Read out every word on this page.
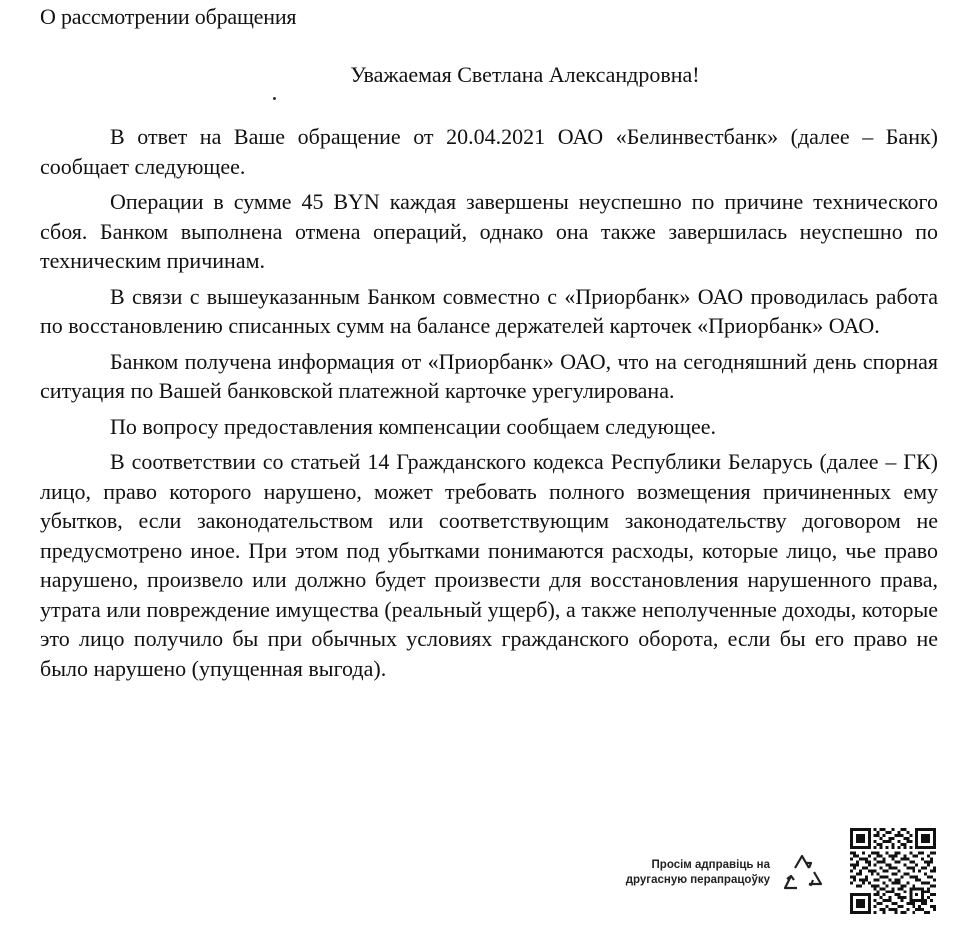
О рассмотрении обращения
Уважаемая Светлана Александровна!

В ответ на Ваше обращение от 20.04.2021 ОАО «Белинвестбанк» (далее – Банк) сообщает следующее.

Операции в сумме 45 BYN каждая завершены неуспешно по причине технического сбоя. Банком выполнена отмена операций, однако она также завершилась неуспешно по техническим причинам.

В связи с вышеуказанным Банком совместно с «Приорбанк» ОАО проводилась работа по восстановлению списанных сумм на балансе держателей карточек «Приорбанк» ОАО.

Банком получена информация от «Приорбанк» ОАО, что на сегодняшний день спорная ситуация по Вашей банковской платежной карточке урегулирована.

По вопросу предоставления компенсации сообщаем следующее.

В соответствии со статьей 14 Гражданского кодекса Республики Беларусь (далее – ГК) лицо, право которого нарушено, может требовать полного возмещения причиненных ему убытков, если законодательством или соответствующим законодательству договором не предусмотрено иное. При этом под убытками понимаются расходы, которые лицо, чье право нарушено, произвело или должно будет произвести для восстановления нарушенного права, утрата или повреждение имущества (реальный ущерб), а также неполученные доходы, которые это лицо получило бы при обычных условиях гражданского оборота, если бы его право не было нарушено (упущенная выгода).

Просім адправіць на
другасную перапрацоўку
